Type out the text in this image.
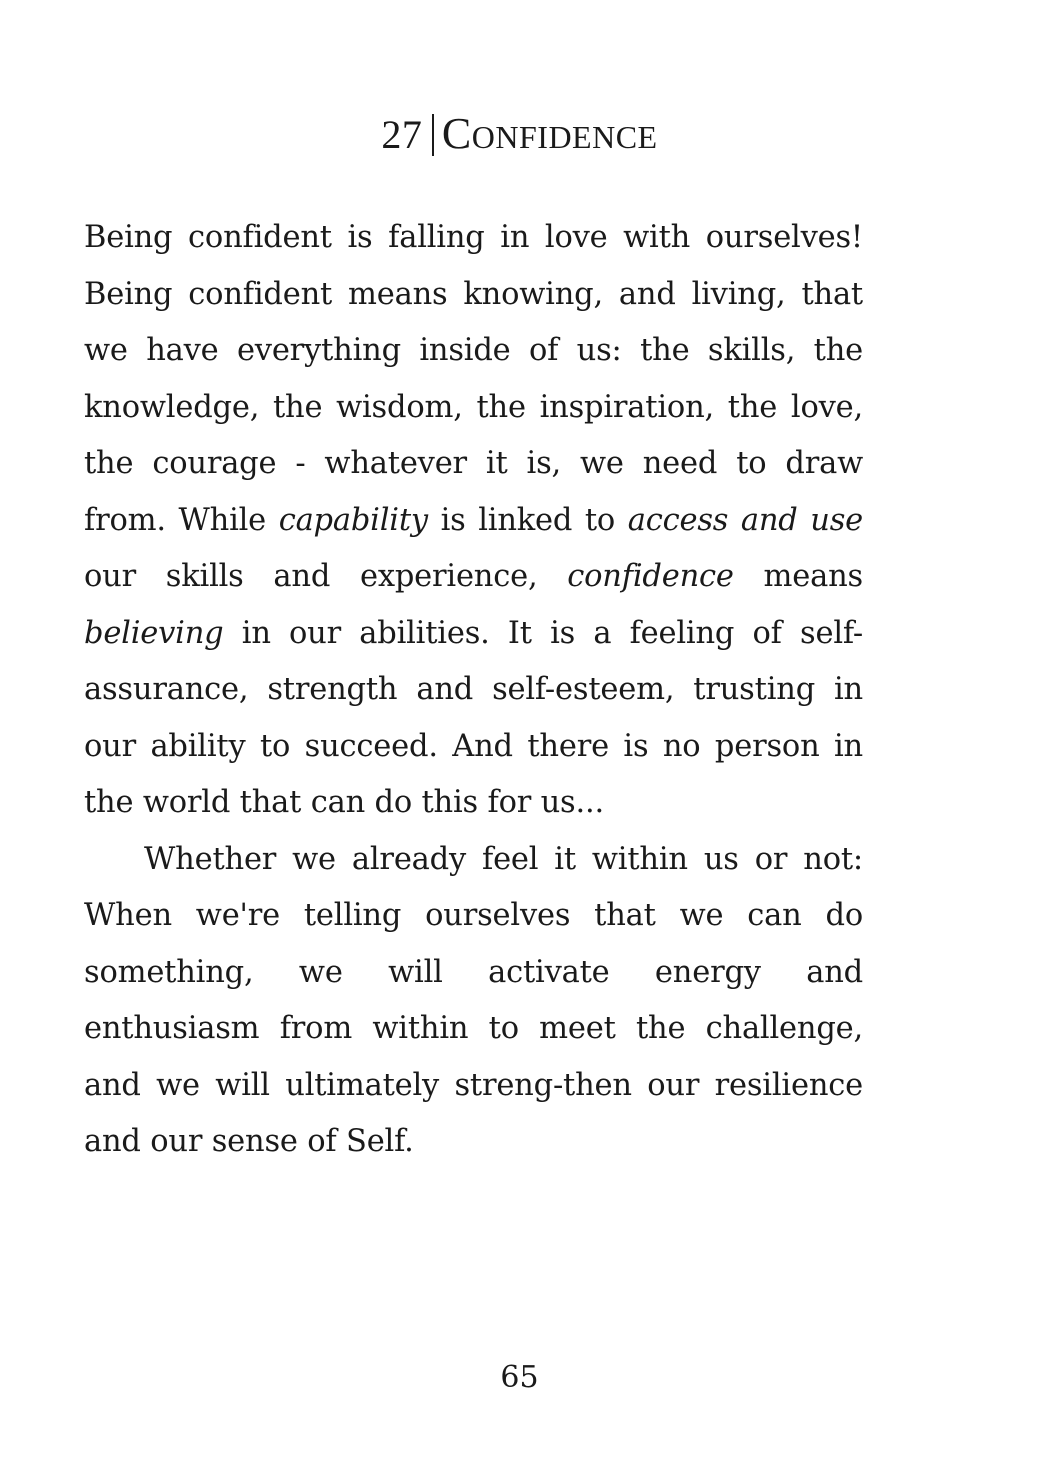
27 CONFIDENCE

Being confident is falling in love with ourselves! Being confident means knowing, and living, that we have everything inside of us: the skills, the knowledge, the wisdom, the inspiration, the love, the courage - whatever it is, we need to draw from. While capability is linked to access and use our skills and experience, confidence means believing in our abilities. It is a feeling of self-assurance, strength and self-esteem, trusting in our ability to succeed. And there is no person in the world that can do this for us...

Whether we already feel it within us or not: When we're telling ourselves that we can do something, we will activate energy and enthusiasm from within to meet the challenge, and we will ultimately streng-then our resilience and our sense of Self.

65
